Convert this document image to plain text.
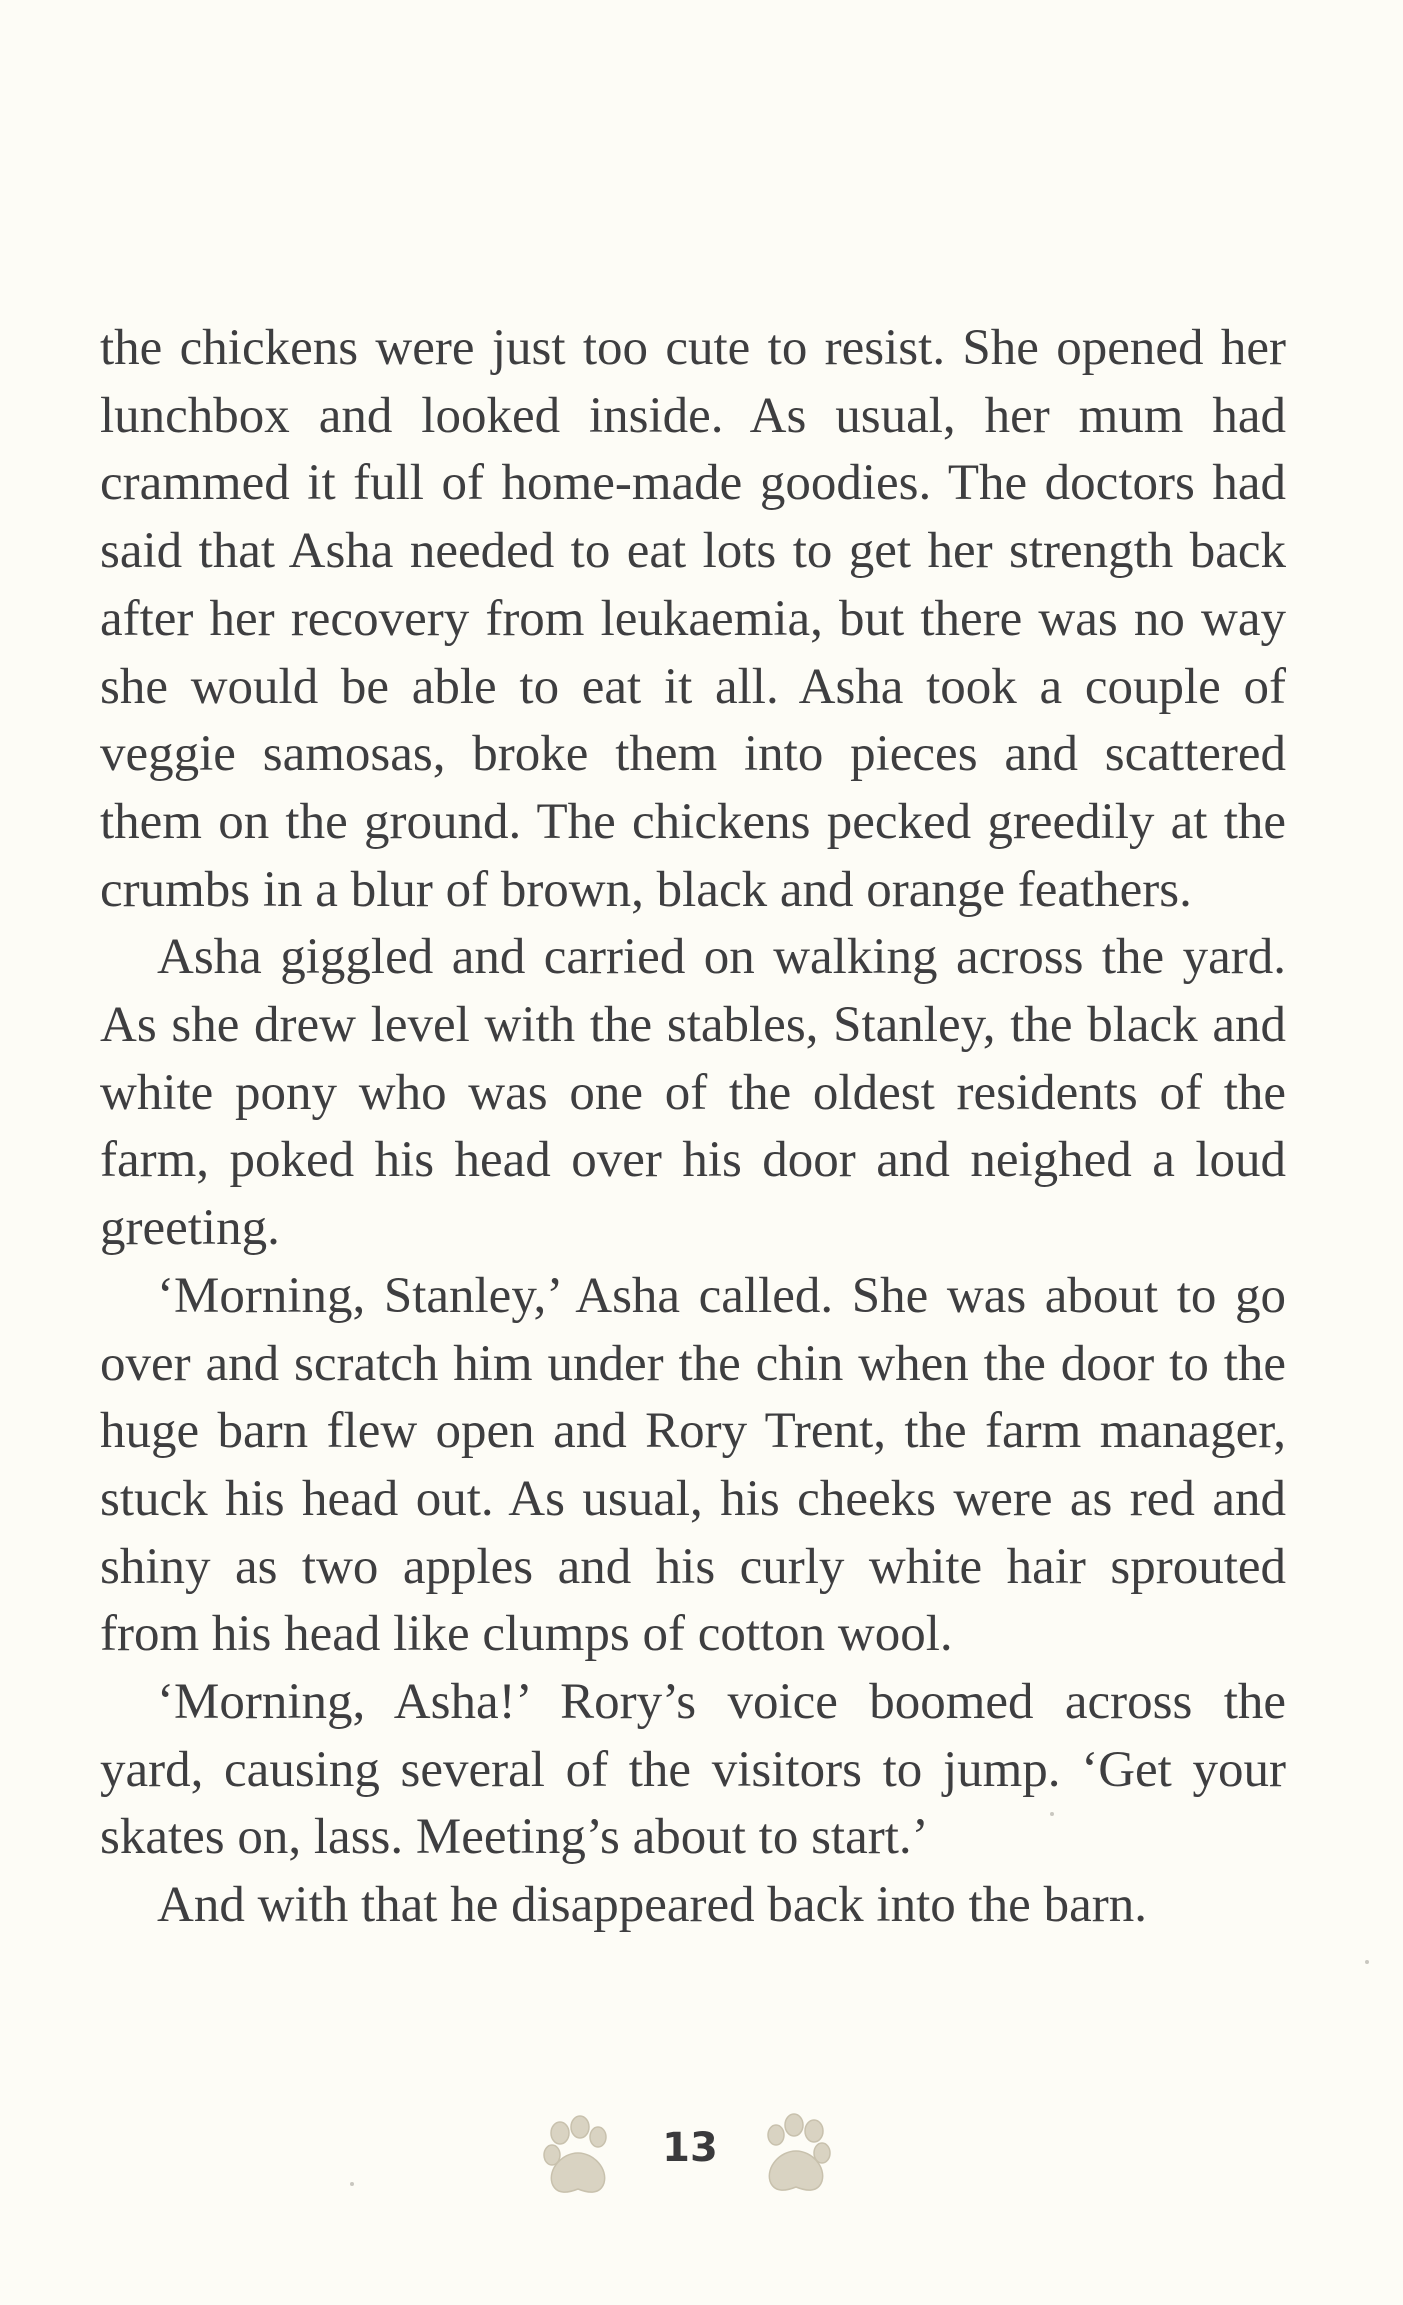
the chickens were just too cute to resist. She opened her lunchbox and looked inside. As usual, her mum had crammed it full of home-made goodies. The doctors had said that Asha needed to eat lots to get her strength back after her recovery from leukaemia, but there was no way she would be able to eat it all. Asha took a couple of veggie samosas, broke them into pieces and scattered them on the ground. The chickens pecked greedily at the crumbs in a blur of brown, black and orange feathers.

Asha giggled and carried on walking across the yard. As she drew level with the stables, Stanley, the black and white pony who was one of the oldest residents of the farm, poked his head over his door and neighed a loud greeting.

‘Morning, Stanley,’ Asha called. She was about to go over and scratch him under the chin when the door to the huge barn flew open and Rory Trent, the farm manager, stuck his head out. As usual, his cheeks were as red and shiny as two apples and his curly white hair sprouted from his head like clumps of cotton wool.

‘Morning, Asha!’ Rory’s voice boomed across the yard, causing several of the visitors to jump. ‘Get your skates on, lass. Meeting’s about to start.’

And with that he disappeared back into the barn.

13
